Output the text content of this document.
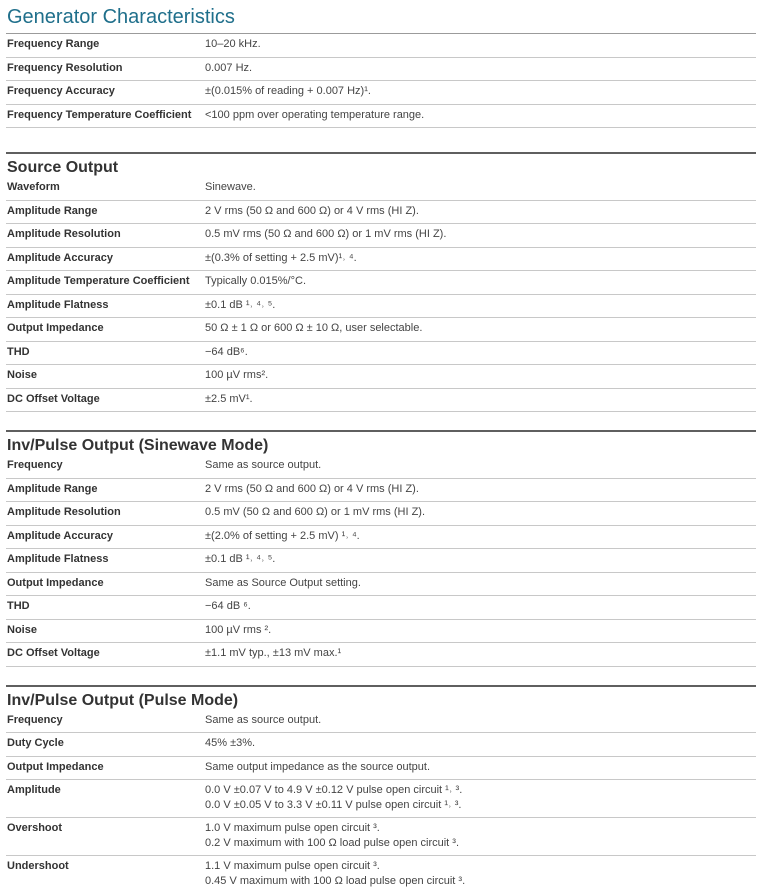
Generator Characteristics
Frequency Range	10–20 kHz.
Frequency Resolution	0.007 Hz.
Frequency Accuracy	±(0.015% of reading + 0.007 Hz)¹.
Frequency Temperature Coefficient	<100 ppm over operating temperature range.
Source Output
Waveform	Sinewave.
Amplitude Range	2 V rms (50 Ω and 600 Ω) or 4 V rms (HI Z).
Amplitude Resolution	0.5 mV rms (50 Ω and 600 Ω) or 1 mV rms (HI Z).
Amplitude Accuracy	±(0.3% of setting + 2.5 mV)¹˒ ⁴.
Amplitude Temperature Coefficient	Typically 0.015%/°C.
Amplitude Flatness	±0.1 dB ¹˒ ⁴˒ ⁵.
Output Impedance	50 Ω ± 1 Ω or 600 Ω ± 10 Ω, user selectable.
THD	−64 dB⁶.
Noise	100 µV rms².
DC Offset Voltage	±2.5 mV¹.
Inv/Pulse Output (Sinewave Mode)
Frequency	Same as source output.
Amplitude Range	2 V rms (50 Ω and 600 Ω) or 4 V rms (HI Z).
Amplitude Resolution	0.5 mV (50 Ω and 600 Ω) or 1 mV rms (HI Z).
Amplitude Accuracy	±(2.0% of setting + 2.5 mV) ¹˒ ⁴.
Amplitude Flatness	±0.1 dB ¹˒ ⁴˒ ⁵.
Output Impedance	Same as Source Output setting.
THD	−64 dB ⁶.
Noise	100 µV rms ².
DC Offset Voltage	±1.1 mV typ., ±13 mV max.¹
Inv/Pulse Output (Pulse Mode)
Frequency	Same as source output.
Duty Cycle	45% ±3%.
Output Impedance	Same output impedance as the source output.
Amplitude	0.0 V ±0.07 V to 4.9 V ±0.12 V pulse open circuit ¹˒ ³.
0.0 V ±0.05 V to 3.3 V ±0.11 V pulse open circuit ¹˒ ³.
Overshoot	1.0 V maximum pulse open circuit ³.
0.2 V maximum with 100 Ω load pulse open circuit ³.
Undershoot	1.1 V maximum pulse open circuit ³.
0.45 V maximum with 100 Ω load pulse open circuit ³.
